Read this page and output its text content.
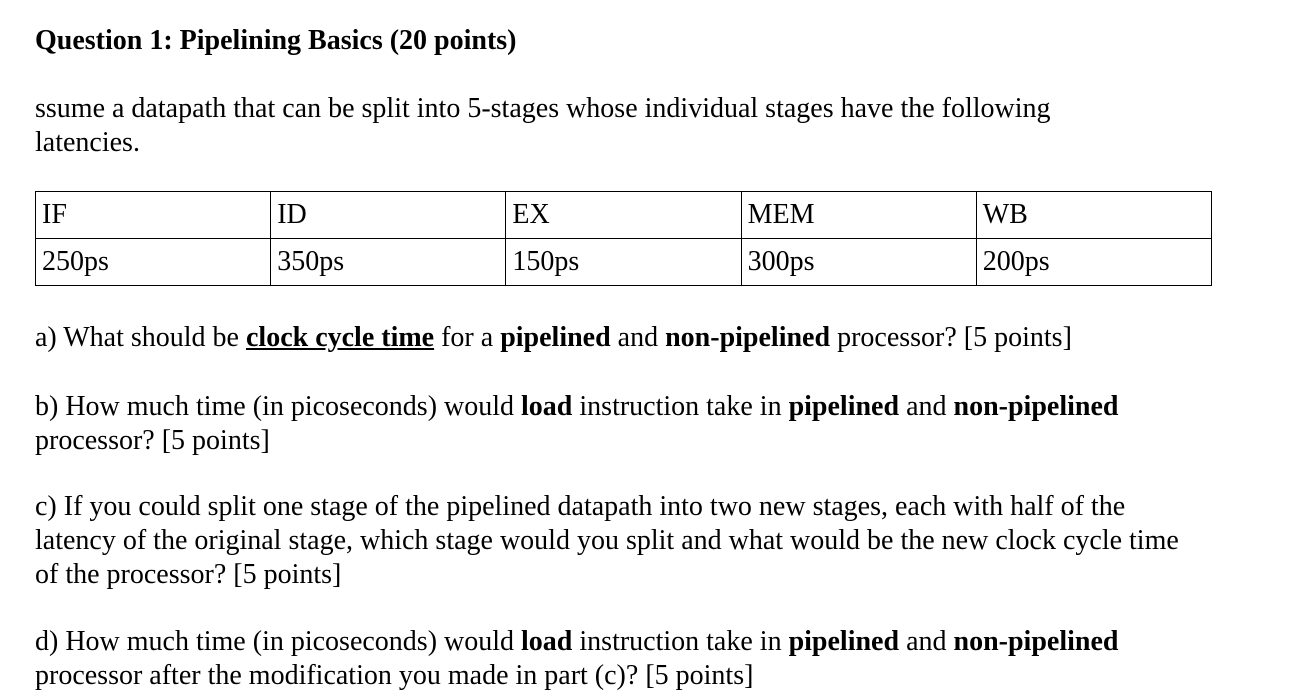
Question 1: Pipelining Basics (20 points)
ssume a datapath that can be split into 5-stages whose individual stages have the following latencies.
IF	ID	EX	MEM	WB
250ps	350ps	150ps	300ps	200ps
a) What should be clock cycle time for a pipelined and non-pipelined processor? [5 points]
b) How much time (in picoseconds) would load instruction take in pipelined and non-pipelined processor? [5 points]
c) If you could split one stage of the pipelined datapath into two new stages, each with half of the latency of the original stage, which stage would you split and what would be the new clock cycle time of the processor? [5 points]
d) How much time (in picoseconds) would load instruction take in pipelined and non-pipelined processor after the modification you made in part (c)? [5 points]
